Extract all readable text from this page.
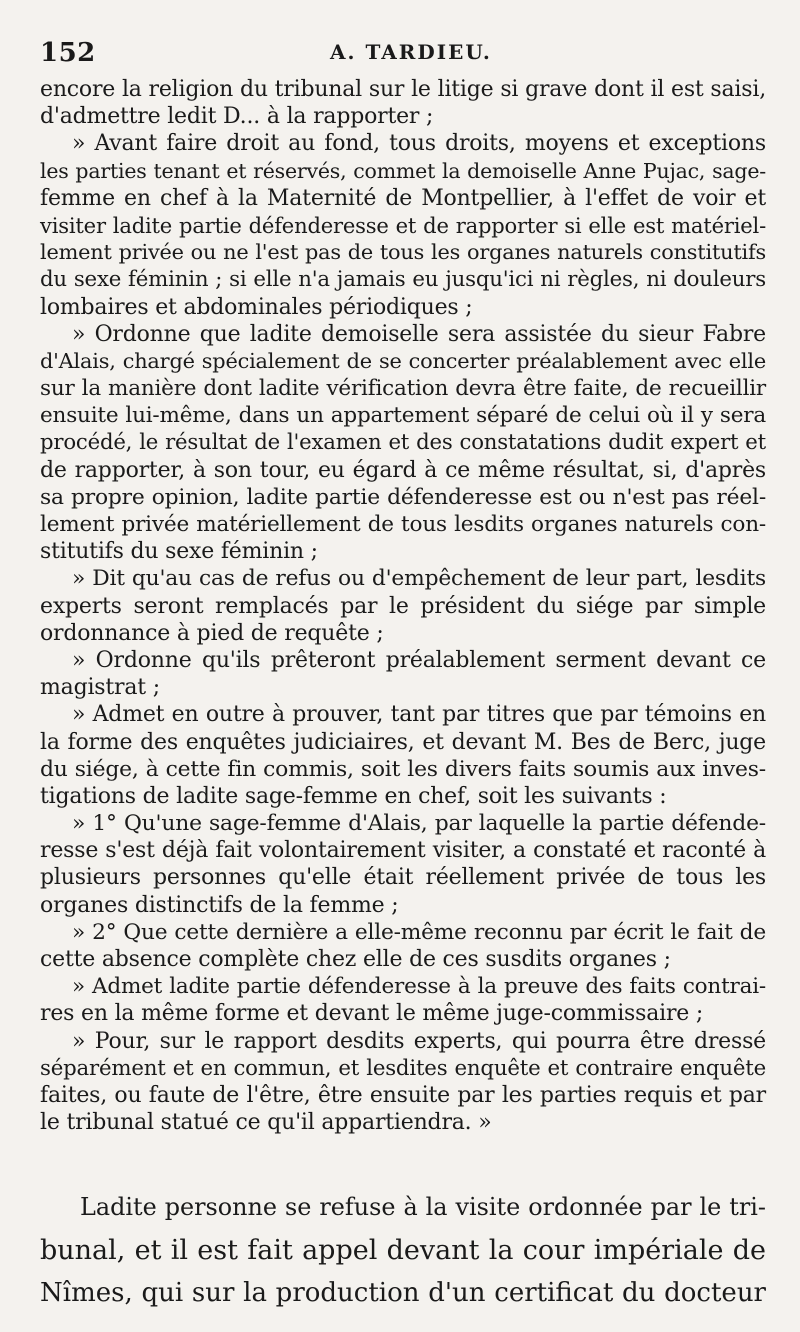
152	A. TARDIEU.
encore la religion du tribunal sur le litige si grave dont il est saisi,
d'admettre ledit D... à la rapporter ;
» Avant faire droit au fond, tous droits, moyens et exceptions
les parties tenant et réservés, commet la demoiselle Anne Pujac, sage-
femme en chef à la Maternité de Montpellier, à l'effet de voir et
visiter ladite partie défenderesse et de rapporter si elle est matériel-
lement privée ou ne l'est pas de tous les organes naturels constitutifs
du sexe féminin ; si elle n'a jamais eu jusqu'ici ni règles, ni douleurs
lombaires et abdominales périodiques ;
» Ordonne que ladite demoiselle sera assistée du sieur Fabre
d'Alais, chargé spécialement de se concerter préalablement avec elle
sur la manière dont ladite vérification devra être faite, de recueillir
ensuite lui-même, dans un appartement séparé de celui où il y sera
procédé, le résultat de l'examen et des constatations dudit expert et
de rapporter, à son tour, eu égard à ce même résultat, si, d'après
sa propre opinion, ladite partie défenderesse est ou n'est pas réel-
lement privée matériellement de tous lesdits organes naturels con-
stitutifs du sexe féminin ;
» Dit qu'au cas de refus ou d'empêchement de leur part, lesdits
experts seront remplacés par le président du siége par simple
ordonnance à pied de requête ;
» Ordonne qu'ils prêteront préalablement serment devant ce
magistrat ;
» Admet en outre à prouver, tant par titres que par témoins en
la forme des enquêtes judiciaires, et devant M. Bes de Berc, juge
du siége, à cette fin commis, soit les divers faits soumis aux inves-
tigations de ladite sage-femme en chef, soit les suivants :
» 1° Qu'une sage-femme d'Alais, par laquelle la partie défende-
resse s'est déjà fait volontairement visiter, a constaté et raconté à
plusieurs personnes qu'elle était réellement privée de tous les
organes distinctifs de la femme ;
» 2° Que cette dernière a elle-même reconnu par écrit le fait de
cette absence complète chez elle de ces susdits organes ;
» Admet ladite partie défenderesse à la preuve des faits contrai-
res en la même forme et devant le même juge-commissaire ;
» Pour, sur le rapport desdits experts, qui pourra être dressé
séparément et en commun, et lesdites enquête et contraire enquête
faites, ou faute de l'être, être ensuite par les parties requis et par
le tribunal statué ce qu'il appartiendra. »
Ladite personne se refuse à la visite ordonnée par le tri-
bunal, et il est fait appel devant la cour impériale de
Nîmes, qui sur la production d'un certificat du docteur
